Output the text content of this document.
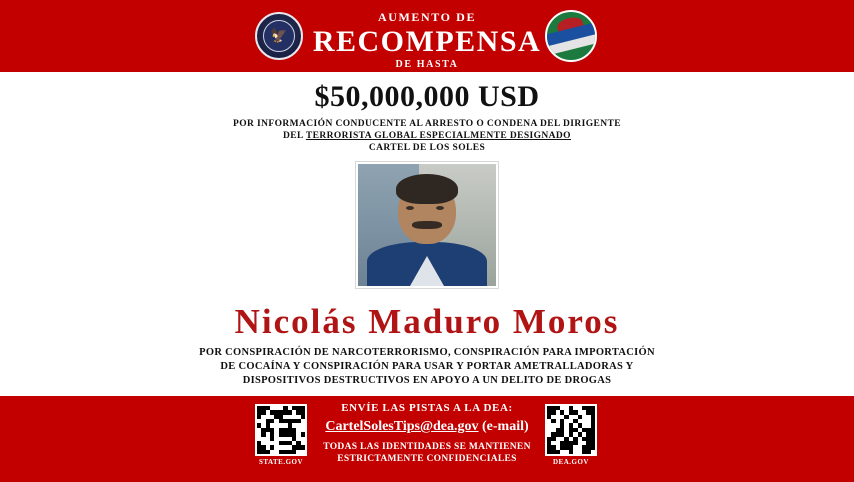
AUMENTO DE
RECOMPENSA
DE HASTA
🦅
$50,000,000 USD
POR INFORMACIÓN CONDUCENTE AL ARRESTO O CONDENA DEL DIRIGENTE
DEL TERRORISTA GLOBAL ESPECIALMENTE DESIGNADO
CARTEL DE LOS SOLES
Nicolás Maduro Moros
POR CONSPIRACIÓN DE NARCOTERRORISMO, CONSPIRACIÓN PARA IMPORTACIÓN
DE COCAÍNA Y CONSPIRACIÓN PARA USAR Y PORTAR AMETRALLADORAS Y
DISPOSITIVOS DESTRUCTIVOS EN APOYO A UN DELITO DE DROGAS
ENVÍE LAS PISTAS A LA DEA:
CartelSolesTips@dea.gov (e-mail)
TODAS LAS IDENTIDADES SE MANTIENEN
ESTRICTAMENTE CONFIDENCIALES
STATE.GOV	DEA.GOV
